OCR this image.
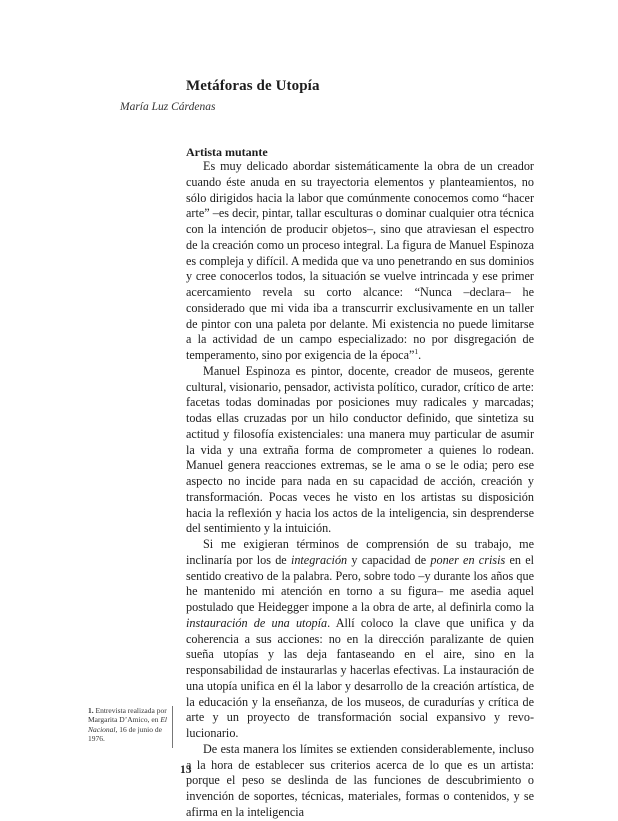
Metáforas de Utopía
María Luz Cárdenas
Artista mutante

Es muy delicado abordar sistemáticamente la obra de un creador cuando éste anuda en su trayectoria elementos y planteamientos, no sólo dirigidos hacia la labor que comúnmente conocemos como “hacer arte” –es decir, pintar, tallar esculturas o dominar cualquier otra técnica con la intención de producir objetos–, sino que atraviesan el espectro de la creación como un proceso integral. La figura de Manuel Espinoza es compleja y difícil. A medida que va uno penetrando en sus dominios y cree conocerlos todos, la situación se vuelve intrincada y ese primer acercamiento revela su corto alcance: “Nunca –declara– he considerado que mi vida iba a transcurrir exclusivamente en un taller de pintor con una paleta por delante. Mi existencia no puede limitarse a la actividad de un campo especializado: no por disgregación de temperamento, sino por exigencia de la época”$^1$.

Manuel Espinoza es pintor, docente, creador de museos, gerente cultural, visionario, pensador, activista político, curador, crítico de arte: facetas todas dominadas por posiciones muy radicales y marcadas; todas ellas cruzadas por un hilo conductor definido, que sintetiza su actitud y filosofía existenciales: una manera muy particular de asumir la vida y una extraña forma de comprometer a quienes lo rodean. Manuel genera reacciones extremas, se le ama o se le odia; pero ese aspecto no incide para nada en su capacidad de acción, creación y transformación. Pocas veces he visto en los artistas su disposición hacia la reflexión y hacia los actos de la inteligencia, sin desprenderse del sentimiento y la intuición.

Si me exigieran términos de comprensión de su trabajo, me inclinaría por los de integración y capacidad de poner en crisis en el sentido creativo de la palabra. Pero, sobre todo –y durante los años que he mantenido mi atención en torno a su figura– me asedia aquel postulado que Heidegger impone a la obra de arte, al definirla como la instauración de una utopía. Allí coloco la clave que unifica y da coherencia a sus acciones: no en la dirección paralizante de quien sueña utopías y las deja fantaseando en el aire, sino en la responsabilidad de instaurarlas y hacerlas efectivas. La instauración de una utopía unifica en él la labor y desarrollo de la creación artística, de la educación y la enseñanza, de los museos, de curadurías y crítica de arte y un proyecto de transformación social expansivo y revolucionario.

De esta manera los límites se extienden considerablemente, incluso a la hora de establecer sus criterios acerca de lo que es un artista: porque el peso se deslinda de las funciones de descubrimiento o invención de soportes, técnicas, materiales, formas o contenidos, y se afirma en la inteligencia

1. Entrevista realizada por Margarita D’Amico, en El Nacional, 16 de junio de 1976.
13
